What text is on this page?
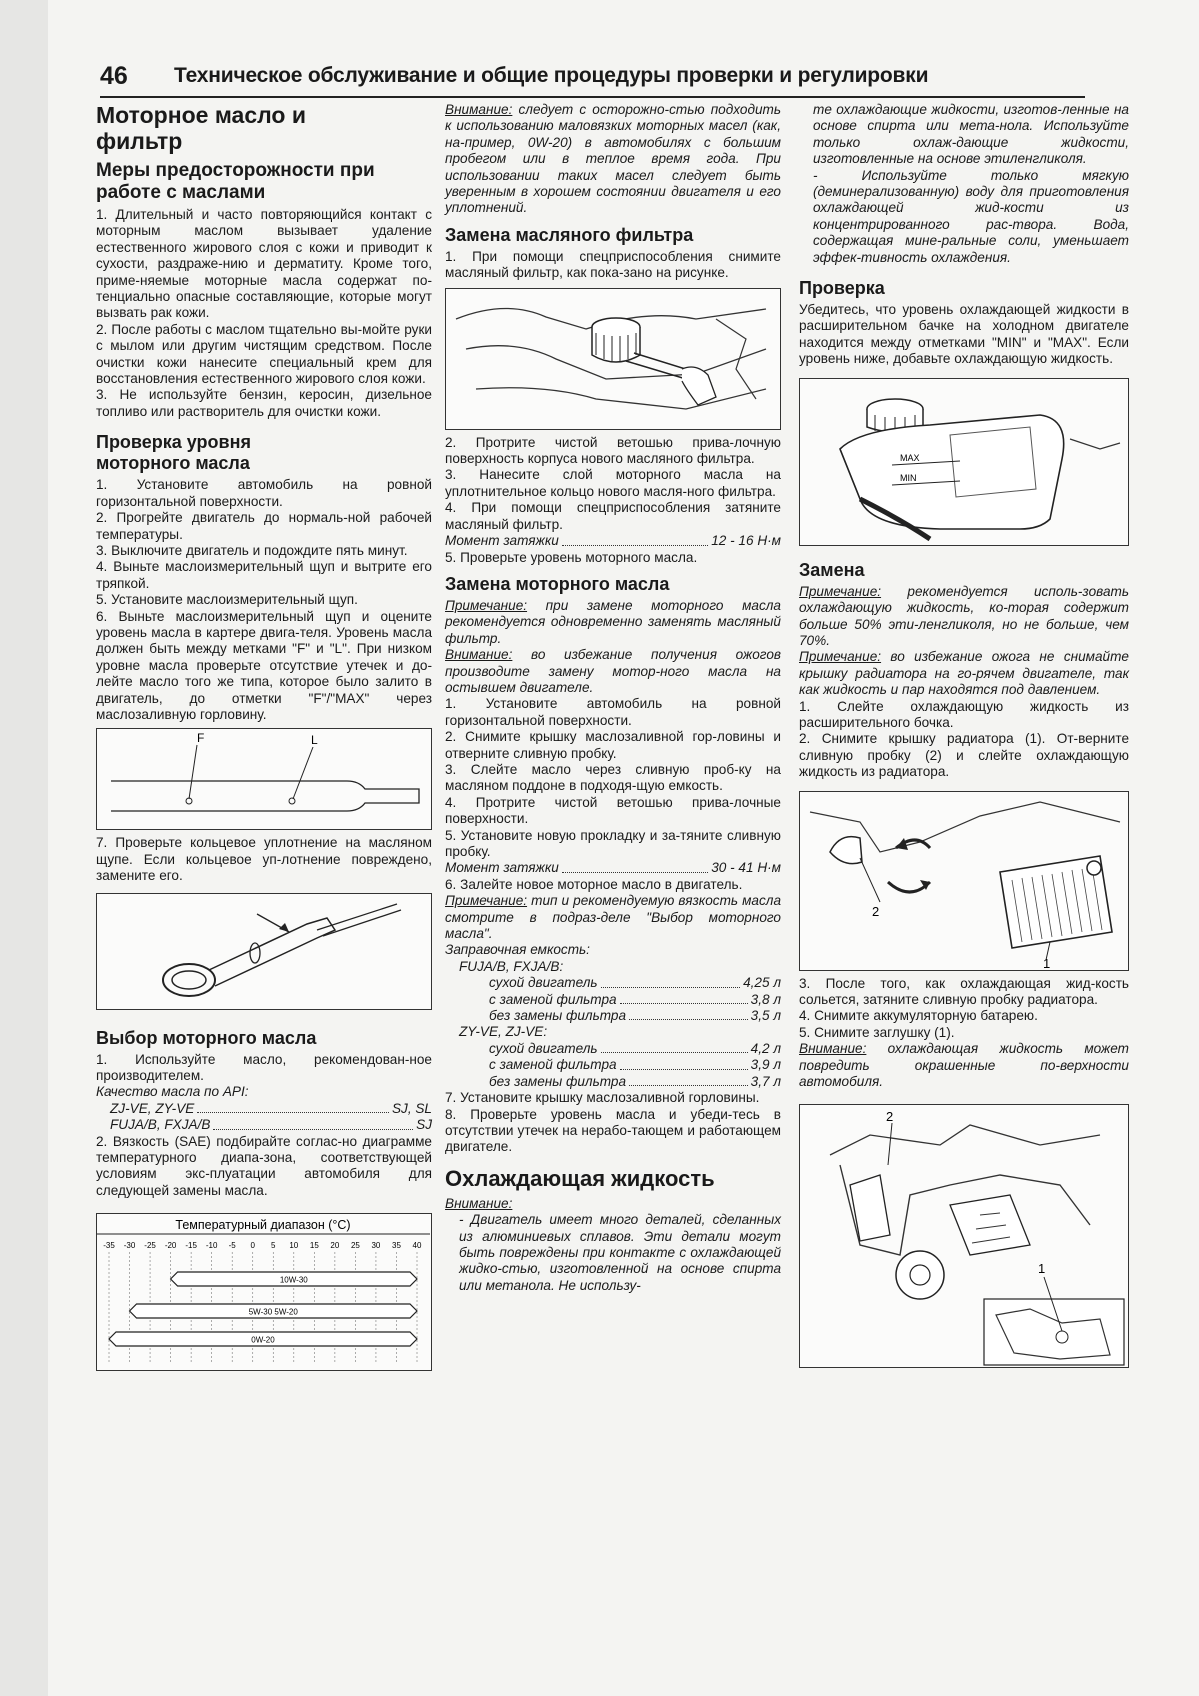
46 Техническое обслуживание и общие процедуры проверки и регулировки
Моторное масло и фильтр
Меры предосторожности при работе с маслами

1. Длительный и часто повторяющийся контакт с моторным маслом вызывает удаление естественного жирового слоя с кожи и приводит к сухости, раздраже-нию и дерматиту. Кроме того, приме-няемые моторные масла содержат по-тенциально опасные составляющие, которые могут вызвать рак кожи.

2. После работы с маслом тщательно вы-мойте руки с мылом или другим чистящим средством. После очистки кожи нанесите специальный крем для восстановления естественного жирового слоя кожи.

3. Не используйте бензин, керосин, дизельное топливо или растворитель для очистки кожи.

Проверка уровня моторного масла

1. Установите автомобиль на ровной горизонтальной поверхности.

2. Прогрейте двигатель до нормаль-ной рабочей температуры.

3. Выключите двигатель и подождите пять минут.

4. Выньте маслоизмерительный щуп и вытрите его тряпкой.

5. Установите маслоизмерительный щуп.

6. Выньте маслоизмерительный щуп и оцените уровень масла в картере двига-теля. Уровень масла должен быть между метками "F" и "L". При низком уровне масла проверьте отсутствие утечек и до-лейте масло того же типа, которое было залито в двигатель, до отметки "F"/"MAX" через маслозаливную горловину.

F	L

7. Проверьте кольцевое уплотнение на масляном щупе. Если кольцевое уп-лотнение повреждено, замените его.

Выбор моторного масла

1. Используйте масло, рекомендован-ное производителем.

Качество масла по API:

ZJ-VE, ZY-VE	SJ, SL
FUJA/B, FXJA/B	SJ

2. Вязкость (SAE) подбирайте соглас-но диаграмме температурного диапа-зона, соответствующей условиям экс-плуатации автомобиля для следующей замены масла.

Температурный диапазон (°С)
-35 -30 -25 -20 -15 -10 -5 0 5 10 15 20 25 30 35 40
10W-30
5W-30 5W-20
0W-20

Внимание: следует с осторожно-стью подходить к использованию маловязких моторных масел (как, на-пример, 0W-20) в автомобилях с большим пробегом или в теплое время года. При использовании таких масел следует быть уверенным в хорошем состоянии двигателя и его уплотнений.

Замена масляного фильтра

1. При помощи спецприспособления снимите масляный фильтр, как пока-зано на рисунке.

2. Протрите чистой ветошью прива-лочную поверхность корпуса нового масляного фильтра.

3. Нанесите слой моторного масла на уплотнительное кольцо нового масля-ного фильтра.

4. При помощи спецприспособления затяните масляный фильтр.

Момент затяжки	12 - 16 Н·м

5. Проверьте уровень моторного масла.

Замена моторного масла

Примечание: при замене моторного масла рекомендуется одновременно заменять масляный фильтр.

Внимание: во избежание получения ожогов производите замену мотор-ного масла на остывшем двигателе.

1. Установите автомобиль на ровной горизонтальной поверхности.

2. Снимите крышку маслозаливной гор-ловины и отверните сливную пробку.

3. Слейте масло через сливную проб-ку на масляном поддоне в подходя-щую емкость.

4. Протрите чистой ветошью прива-лочные поверхности.

5. Установите новую прокладку и за-тяните сливную пробку.

Момент затяжки	30 - 41 Н·м

6. Залейте новое моторное масло в двигатель.

Примечание: тип и рекомендуемую вязкость масла смотрите в подраз-деле "Выбор моторного масла".

Заправочная емкость:

FUJA/B, FXJA/B:

сухой двигатель	4,25 л
с заменой фильтра	3,8 л
без замены фильтра	3,5 л

ZY-VE, ZJ-VE:

сухой двигатель	4,2 л
с заменой фильтра	3,9 л
без замены фильтра	3,7 л

7. Установите крышку маслозаливной горловины.

8. Проверьте уровень масла и убеди-тесь в отсутствии утечек на нерабо-тающем и работающем двигателе.

Охлаждающая жидкость

Внимание:

- Двигатель имеет много деталей, сделанных из алюминиевых сплавов. Эти детали могут быть повреждены при контакте с охлаждающей жидко-стью, изготовленной на основе спирта или метанола. Не использу-

те охлаждающие жидкости, изготов-ленные на основе спирта или мета-нола. Используйте только охлаж-дающие жидкости, изготовленные на основе этиленгликоля.

- Используйте только мягкую (деминерализованную) воду для приготовления охлаждающей жид-кости из концентрированного рас-твора. Вода, содержащая мине-ральные соли, уменьшает эффек-тивность охлаждения.

Проверка

Убедитесь, что уровень охлаждающей жидкости в расширительном бачке на холодном двигателе находится между отметками "MIN" и "MAX". Если уровень ниже, добавьте охлаждающую жидкость.

MAX
MIN
Замена

Примечание: рекомендуется исполь-зовать охлаждающую жидкость, ко-торая содержит больше 50% эти-ленгликоля, но не больше, чем 70%.

Примечание: во избежание ожога не снимайте крышку радиатора на го-рячем двигателе, так как жидкость и пар находятся под давлением.

1. Слейте охлаждающую жидкость из расширительного бочка.

2. Снимите крышку радиатора (1). От-верните сливную пробку (2) и слейте охлаждающую жидкость из радиатора.

2
1

3. После того, как охлаждающая жид-кость сольется, затяните сливную пробку радиатора.

4. Снимите аккумуляторную батарею.

5. Снимите заглушку (1).

Внимание: охлаждающая жидкость может повредить окрашенные по-верхности автомобиля.

2
1
